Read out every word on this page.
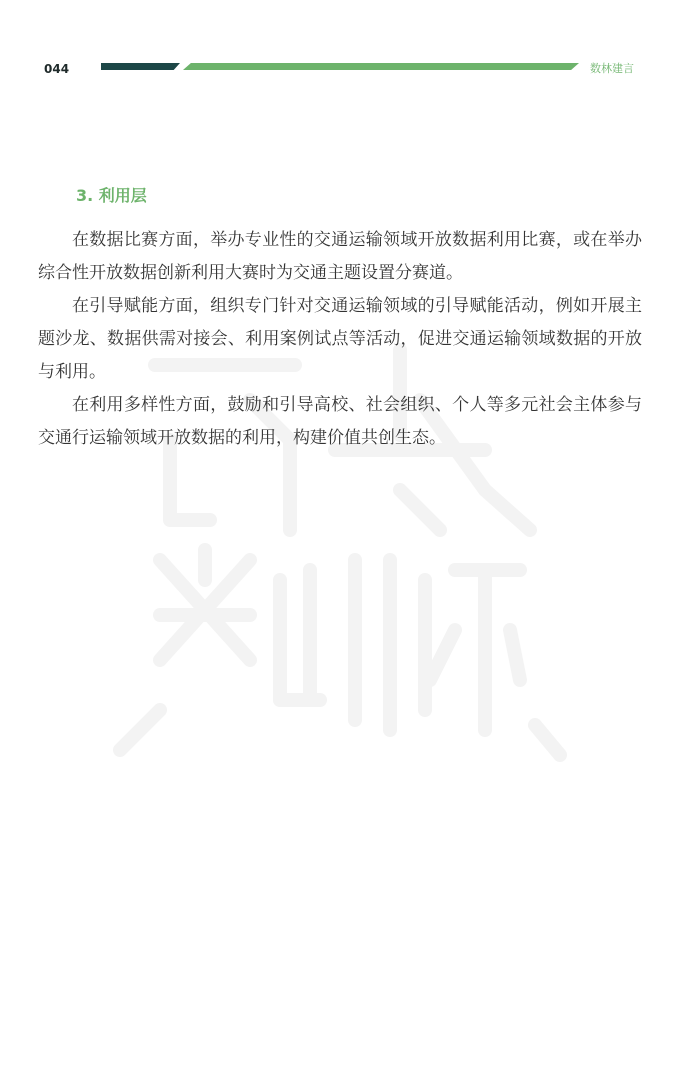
044	数林建言
3. 利用层

在数据比赛方面，举办专业性的交通运输领域开放数据利用比赛，或在举办综合性开放数据创新利用大赛时为交通主题设置分赛道。

在引导赋能方面，组织专门针对交通运输领域的引导赋能活动，例如开展主题沙龙、数据供需对接会、利用案例试点等活动，促进交通运输领域数据的开放与利用。

在利用多样性方面，鼓励和引导高校、社会组织、个人等多元社会主体参与交通行运输领域开放数据的利用，构建价值共创生态。
